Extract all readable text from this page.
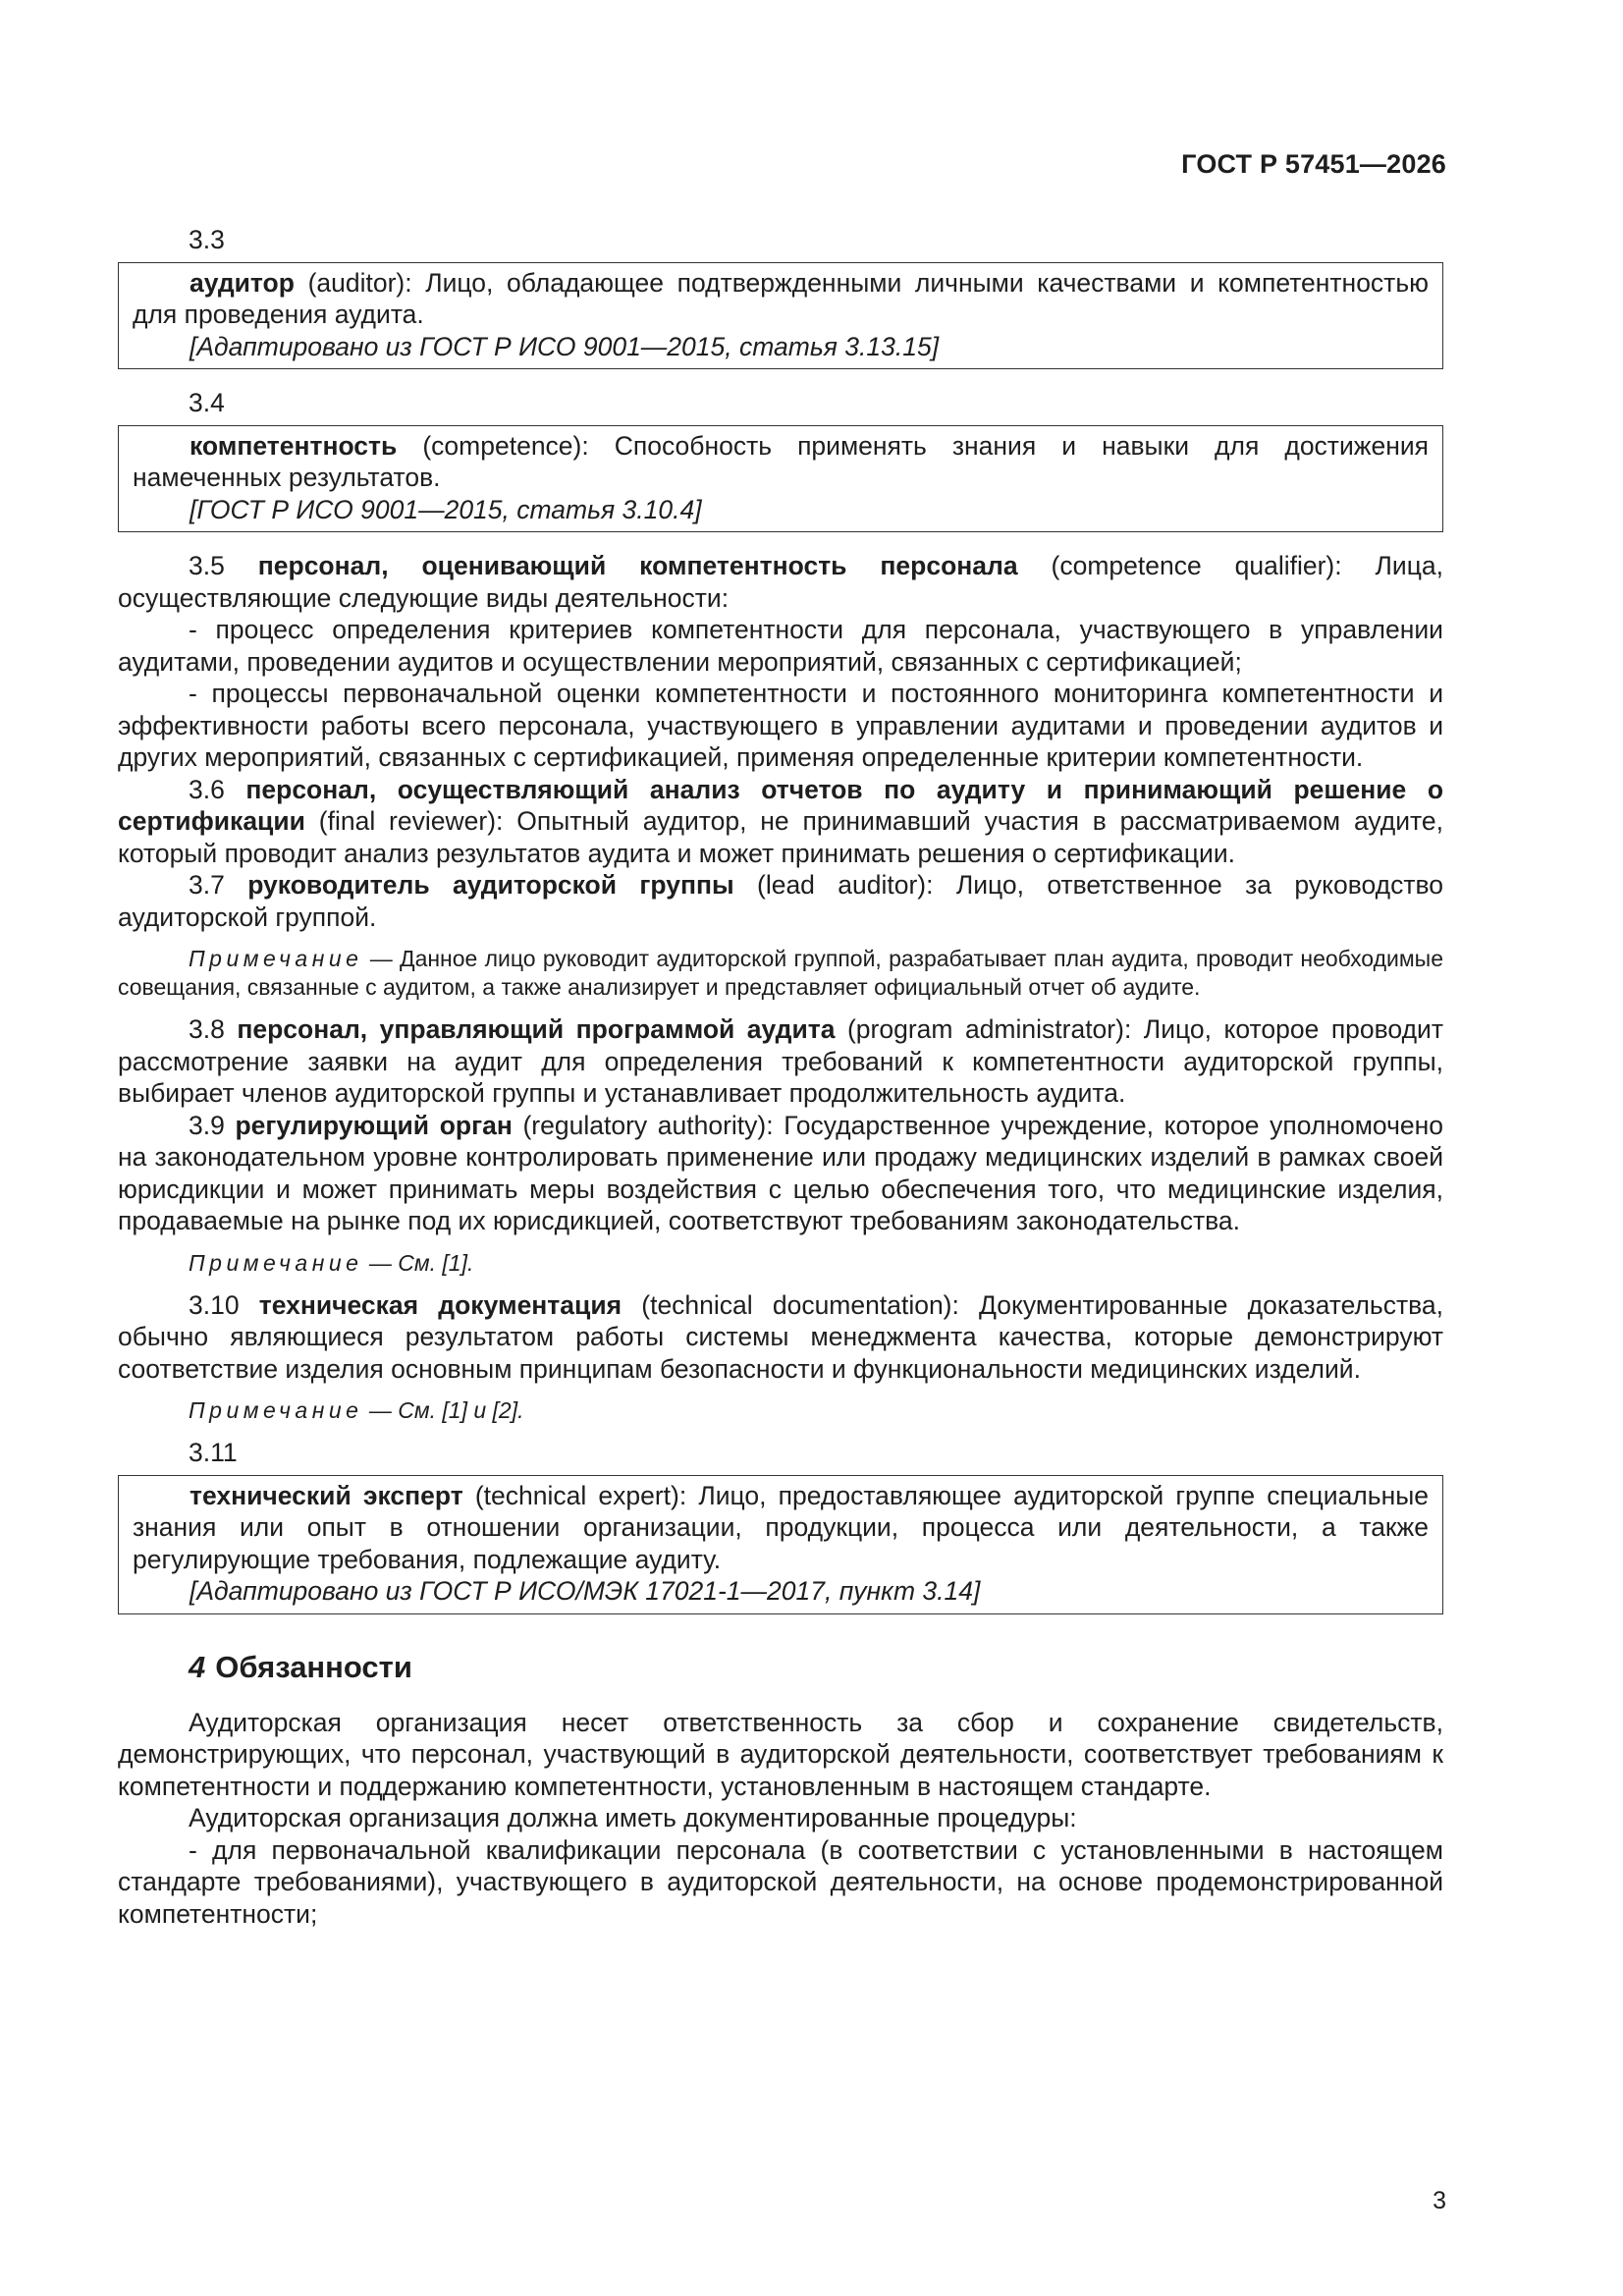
ГОСТ Р 57451—2026
3.3

аудитор (auditor): Лицо, обладающее подтвержденными личными качествами и компетентностью для проведения аудита.

[Адаптировано из ГОСТ Р ИСО 9001—2015, статья 3.13.15]
3.4

компетентность (competence): Способность применять знания и навыки для достижения намеченных результатов.

[ГОСТ Р ИСО 9001—2015, статья 3.10.4]

3.5 персонал, оценивающий компетентность персонала (competence qualifier): Лица, осуществляющие следующие виды деятельности:

- процесс определения критериев компетентности для персонала, участвующего в управлении аудитами, проведении аудитов и осуществлении мероприятий, связанных с сертификацией;

- процессы первоначальной оценки компетентности и постоянного мониторинга компетентности и эффективности работы всего персонала, участвующего в управлении аудитами и проведении аудитов и других мероприятий, связанных с сертификацией, применяя определенные критерии компетентности.

3.6 персонал, осуществляющий анализ отчетов по аудиту и принимающий решение о сертификации (final reviewer): Опытный аудитор, не принимавший участия в рассматриваемом аудите, который проводит анализ результатов аудита и может принимать решения о сертификации.

3.7 руководитель аудиторской группы (lead auditor): Лицо, ответственное за руководство аудиторской группой.

Примечание — Данное лицо руководит аудиторской группой, разрабатывает план аудита, проводит необходимые совещания, связанные с аудитом, а также анализирует и представляет официальный отчет об аудите.

3.8 персонал, управляющий программой аудита (program administrator): Лицо, которое проводит рассмотрение заявки на аудит для определения требований к компетентности аудиторской группы, выбирает членов аудиторской группы и устанавливает продолжительность аудита.

3.9 регулирующий орган (regulatory authority): Государственное учреждение, которое уполномочено на законодательном уровне контролировать применение или продажу медицинских изделий в рамках своей юрисдикции и может принимать меры воздействия с целью обеспечения того, что медицинские изделия, продаваемые на рынке под их юрисдикцией, соответствуют требованиям законодательства.

Примечание — См. [1].

3.10 техническая документация (technical documentation): Документированные доказательства, обычно являющиеся результатом работы системы менеджмента качества, которые демонстрируют соответствие изделия основным принципам безопасности и функциональности медицинских изделий.

Примечание — См. [1] и [2].

3.11

технический эксперт (technical expert): Лицо, предоставляющее аудиторской группе специальные знания или опыт в отношении организации, продукции, процесса или деятельности, а также регулирующие требования, подлежащие аудиту.

[Адаптировано из ГОСТ Р ИСО/МЭК 17021-1—2017, пункт 3.14]
4 Обязанности

Аудиторская организация несет ответственность за сбор и сохранение свидетельств, демонстрирующих, что персонал, участвующий в аудиторской деятельности, соответствует требованиям к компетентности и поддержанию компетентности, установленным в настоящем стандарте.

Аудиторская организация должна иметь документированные процедуры:

- для первоначальной квалификации персонала (в соответствии с установленными в настоящем стандарте требованиями), участвующего в аудиторской деятельности, на основе продемонстрированной компетентности;

3
